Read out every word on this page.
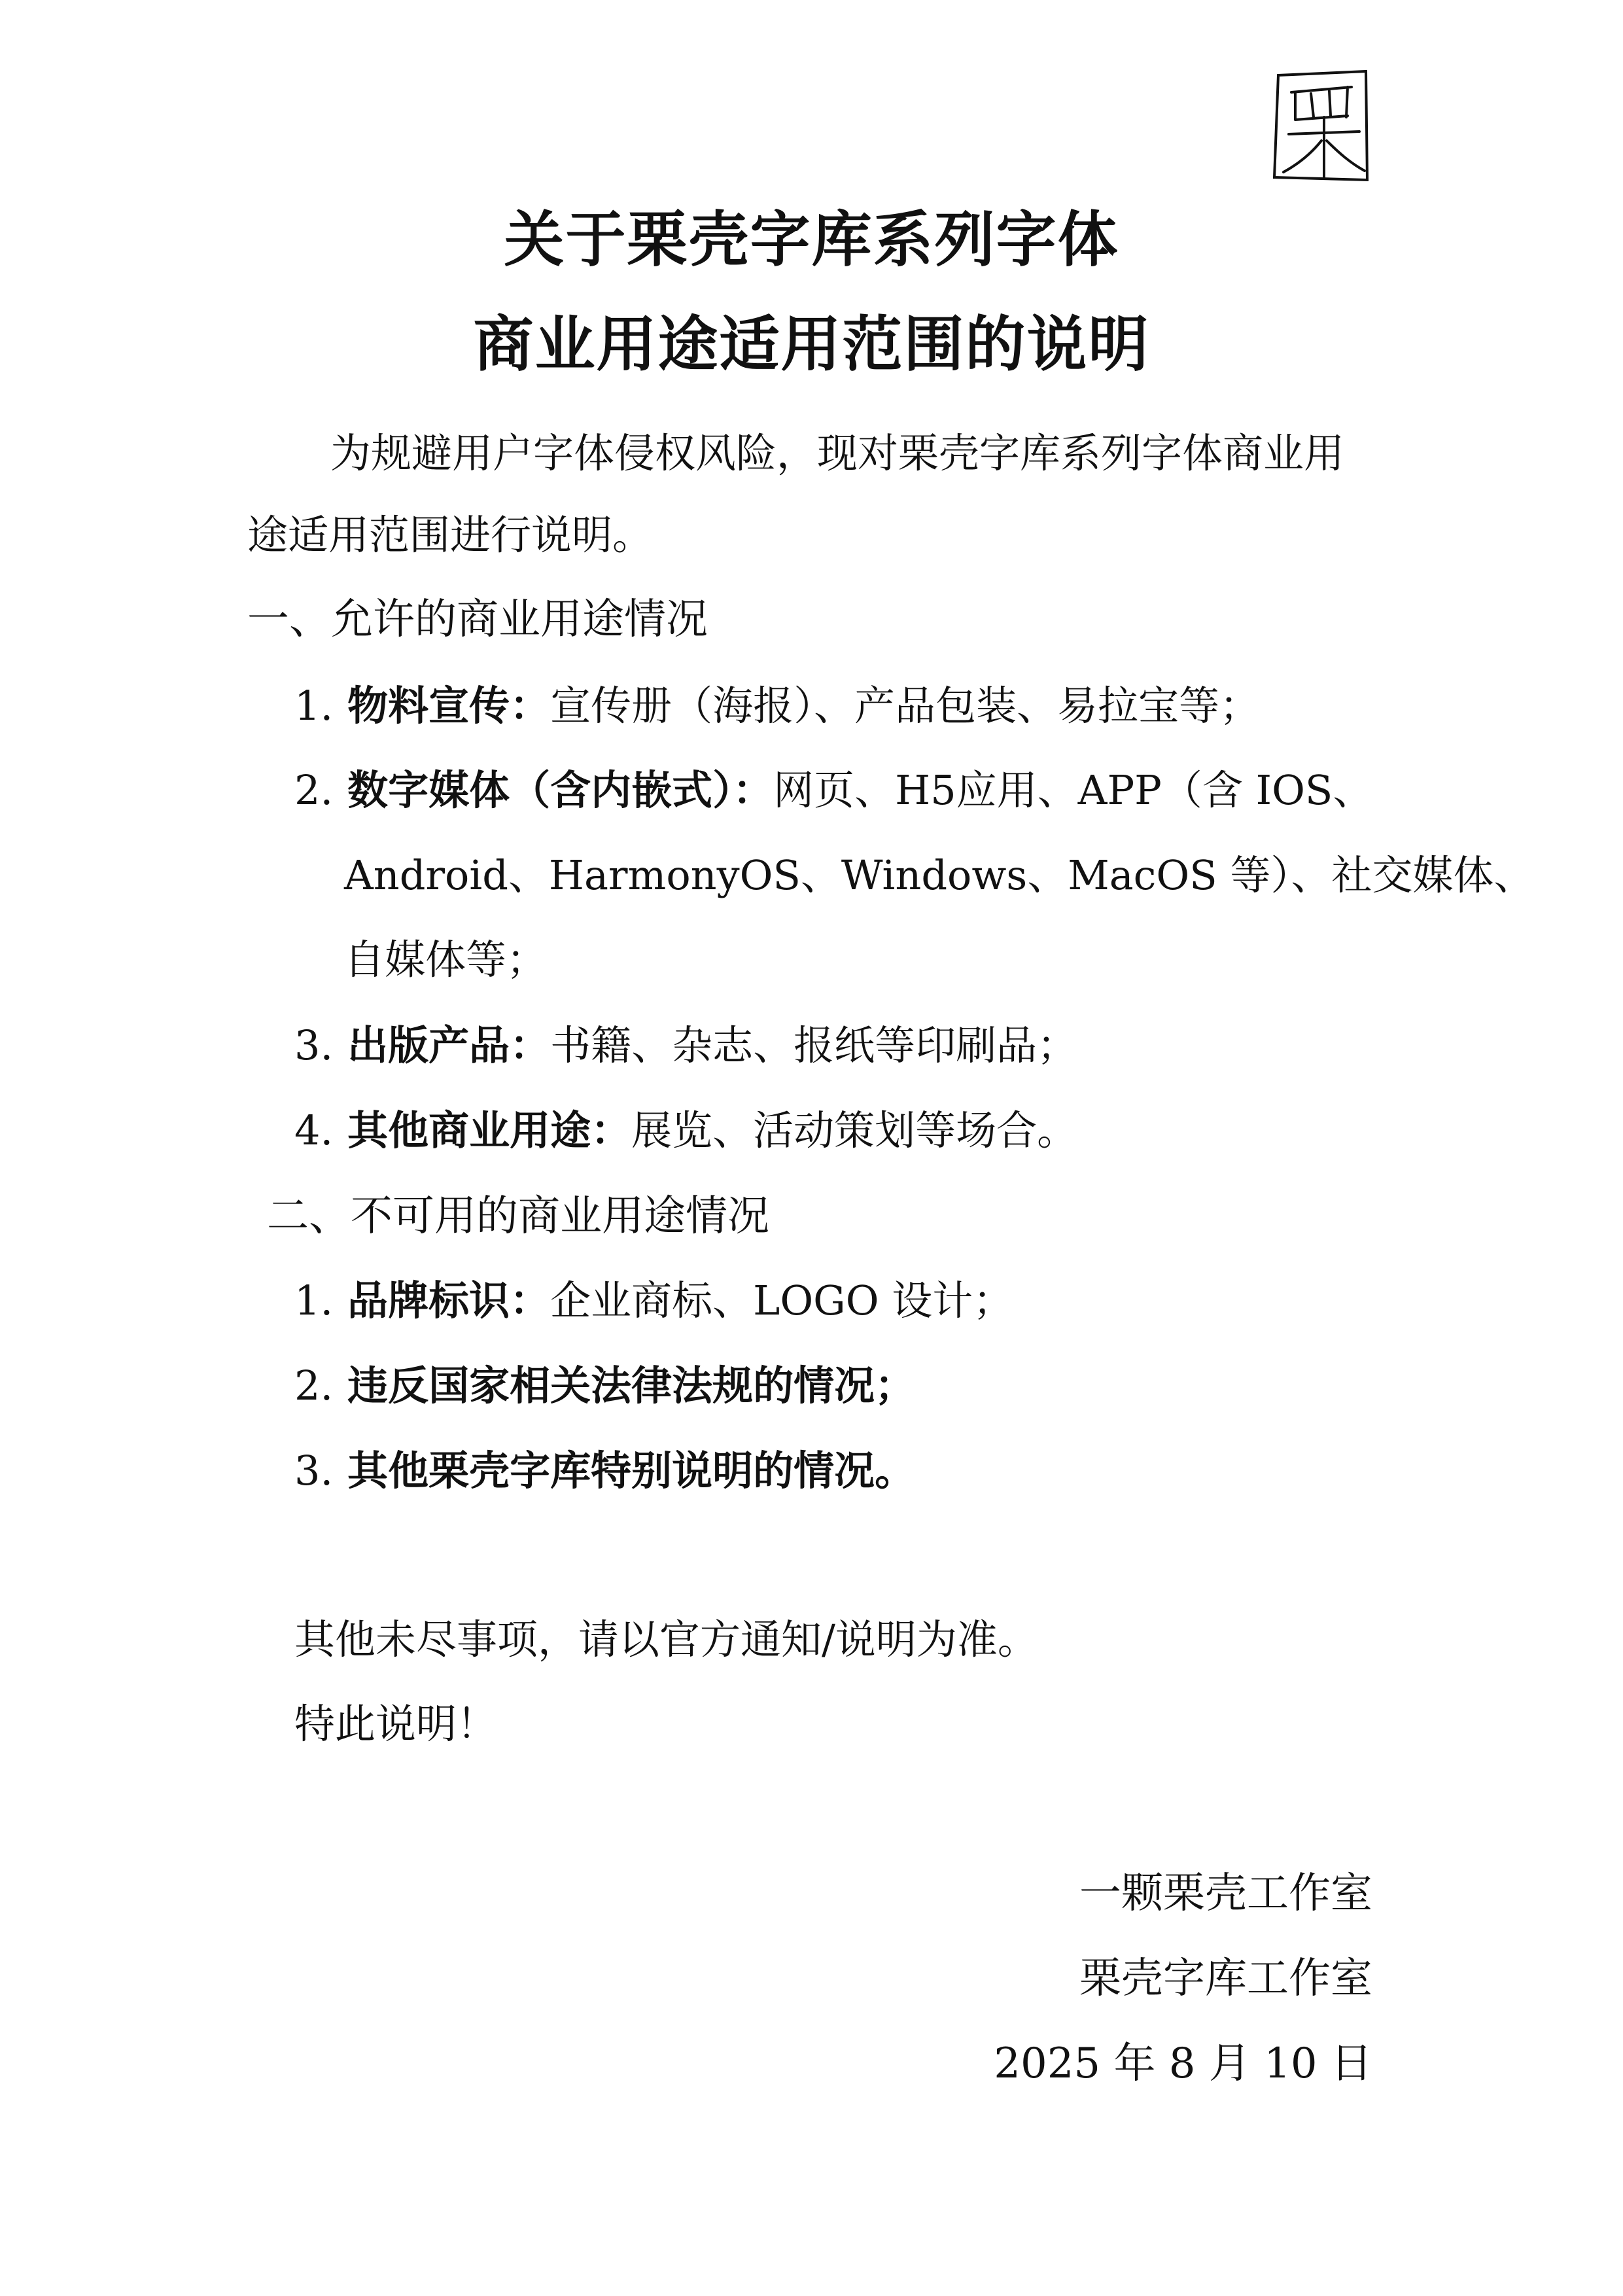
关于栗壳字库系列字体
商业用途适用范围的说明
为规避用户字体侵权风险，现对栗壳字库系列字体商业用
途适用范围进行说明。
一、允许的商业用途情况
1. 物料宣传：宣传册（海报）、产品包装、易拉宝等；
2. 数字媒体（含内嵌式）：网页、H5应用、APP（含 IOS、
Android、HarmonyOS、Windows、MacOS 等）、社交媒体、
自媒体等；
3. 出版产品：书籍、杂志、报纸等印刷品；
4. 其他商业用途：展览、活动策划等场合。
二、不可用的商业用途情况
1. 品牌标识：企业商标、LOGO 设计；
2. 违反国家相关法律法规的情况；
3. 其他栗壳字库特别说明的情况。
其他未尽事项，请以官方通知/说明为准。
特此说明！
一颗栗壳工作室
栗壳字库工作室
2025 年 8 月 10 日
